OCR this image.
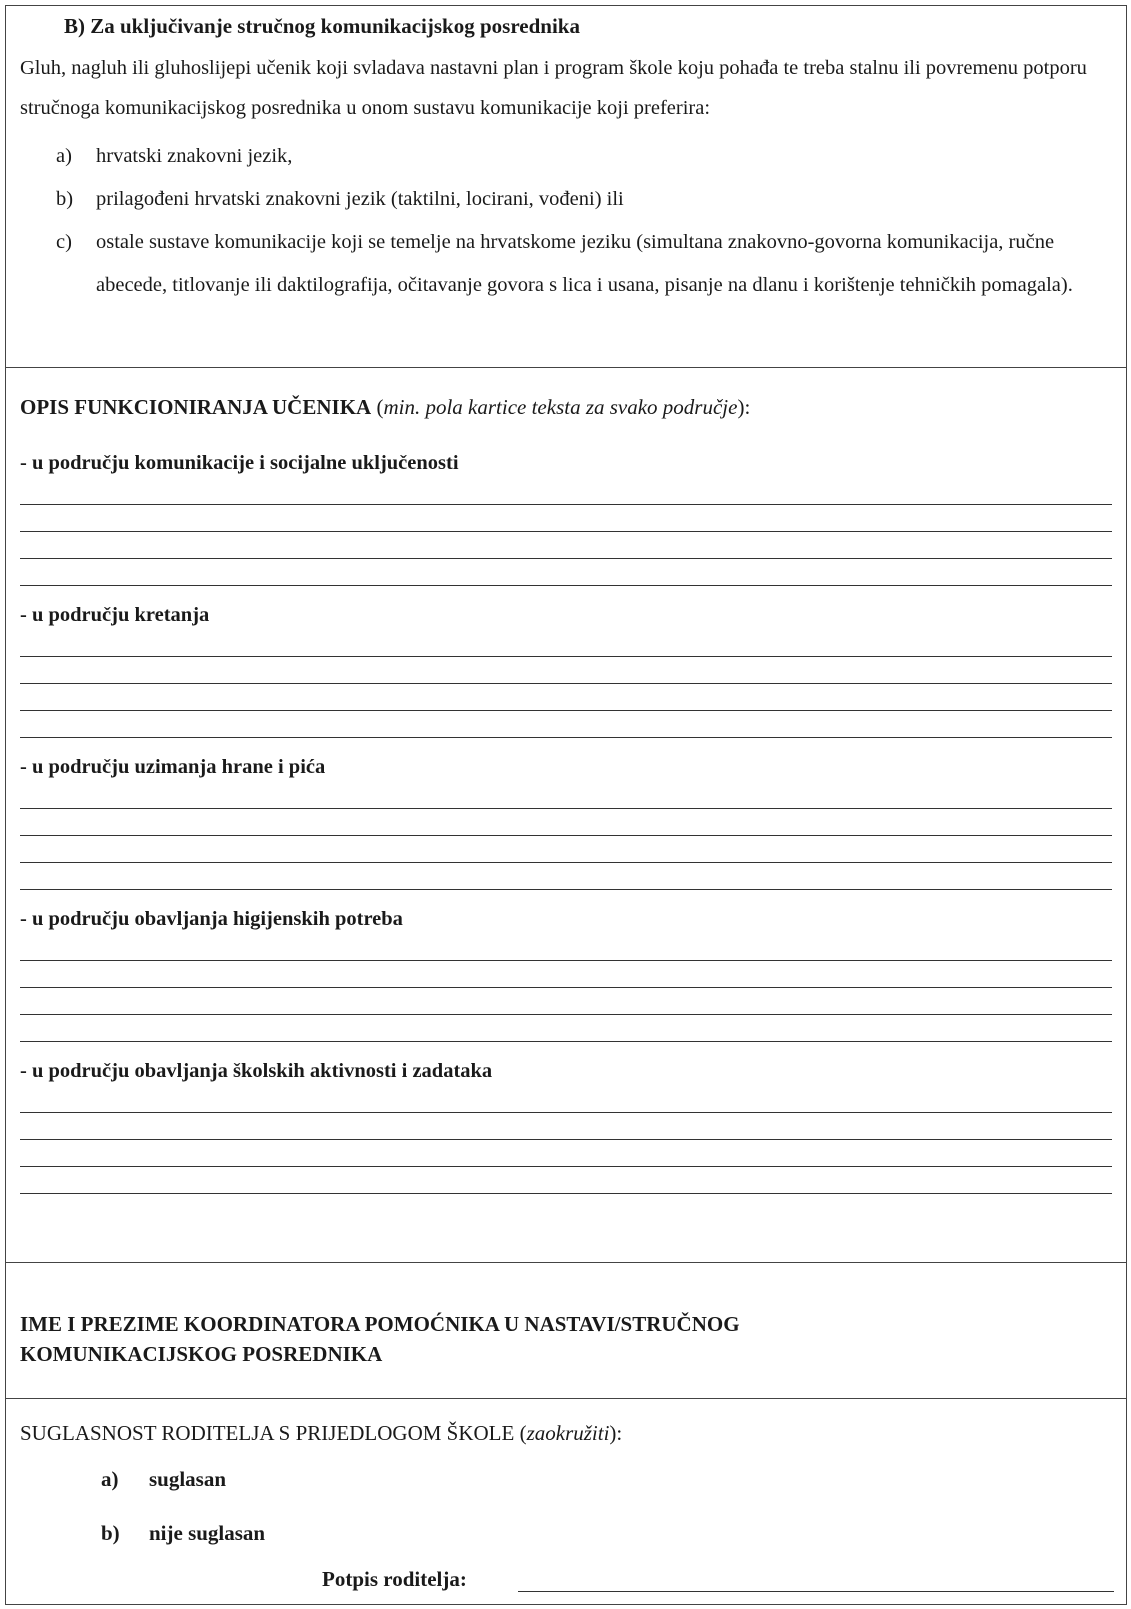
B) Za uključivanje stručnog komunikacijskog posrednika
Gluh, nagluh ili gluhoslijepi učenik koji svladava nastavni plan i program škole koju pohađa te treba stalnu ili povremenu potporu stručnoga komunikacijskog posrednika u onom sustavu komunikacije koji preferira:
a) hrvatski znakovni jezik,
b) prilagođeni hrvatski znakovni jezik (taktilni, locirani, vođeni) ili
c) ostale sustave komunikacije koji se temelje na hrvatskome jeziku (simultana znakovno-govorna komunikacija, ručne abecede, titlovanje ili daktilografija, očitavanje govora s lica i usana, pisanje na dlanu i korištenje tehničkih pomagala).
OPIS FUNKCIONIRANJA UČENIKA (min. pola kartice teksta za svako područje):
- u području komunikacije i socijalne uključenosti
- u području kretanja
- u području uzimanja hrane i pića
- u području obavljanja higijenskih potreba
- u području obavljanja školskih aktivnosti i zadataka
IME I PREZIME KOORDINATORA POMOĆNIKA U NASTAVI/STRUČNOG
KOMUNIKACIJSKOG POSREDNIKA
SUGLASNOST RODITELJA S PRIJEDLOGOM ŠKOLE (zaokružiti):
a) suglasan
b) nije suglasan
Potpis roditelja:
